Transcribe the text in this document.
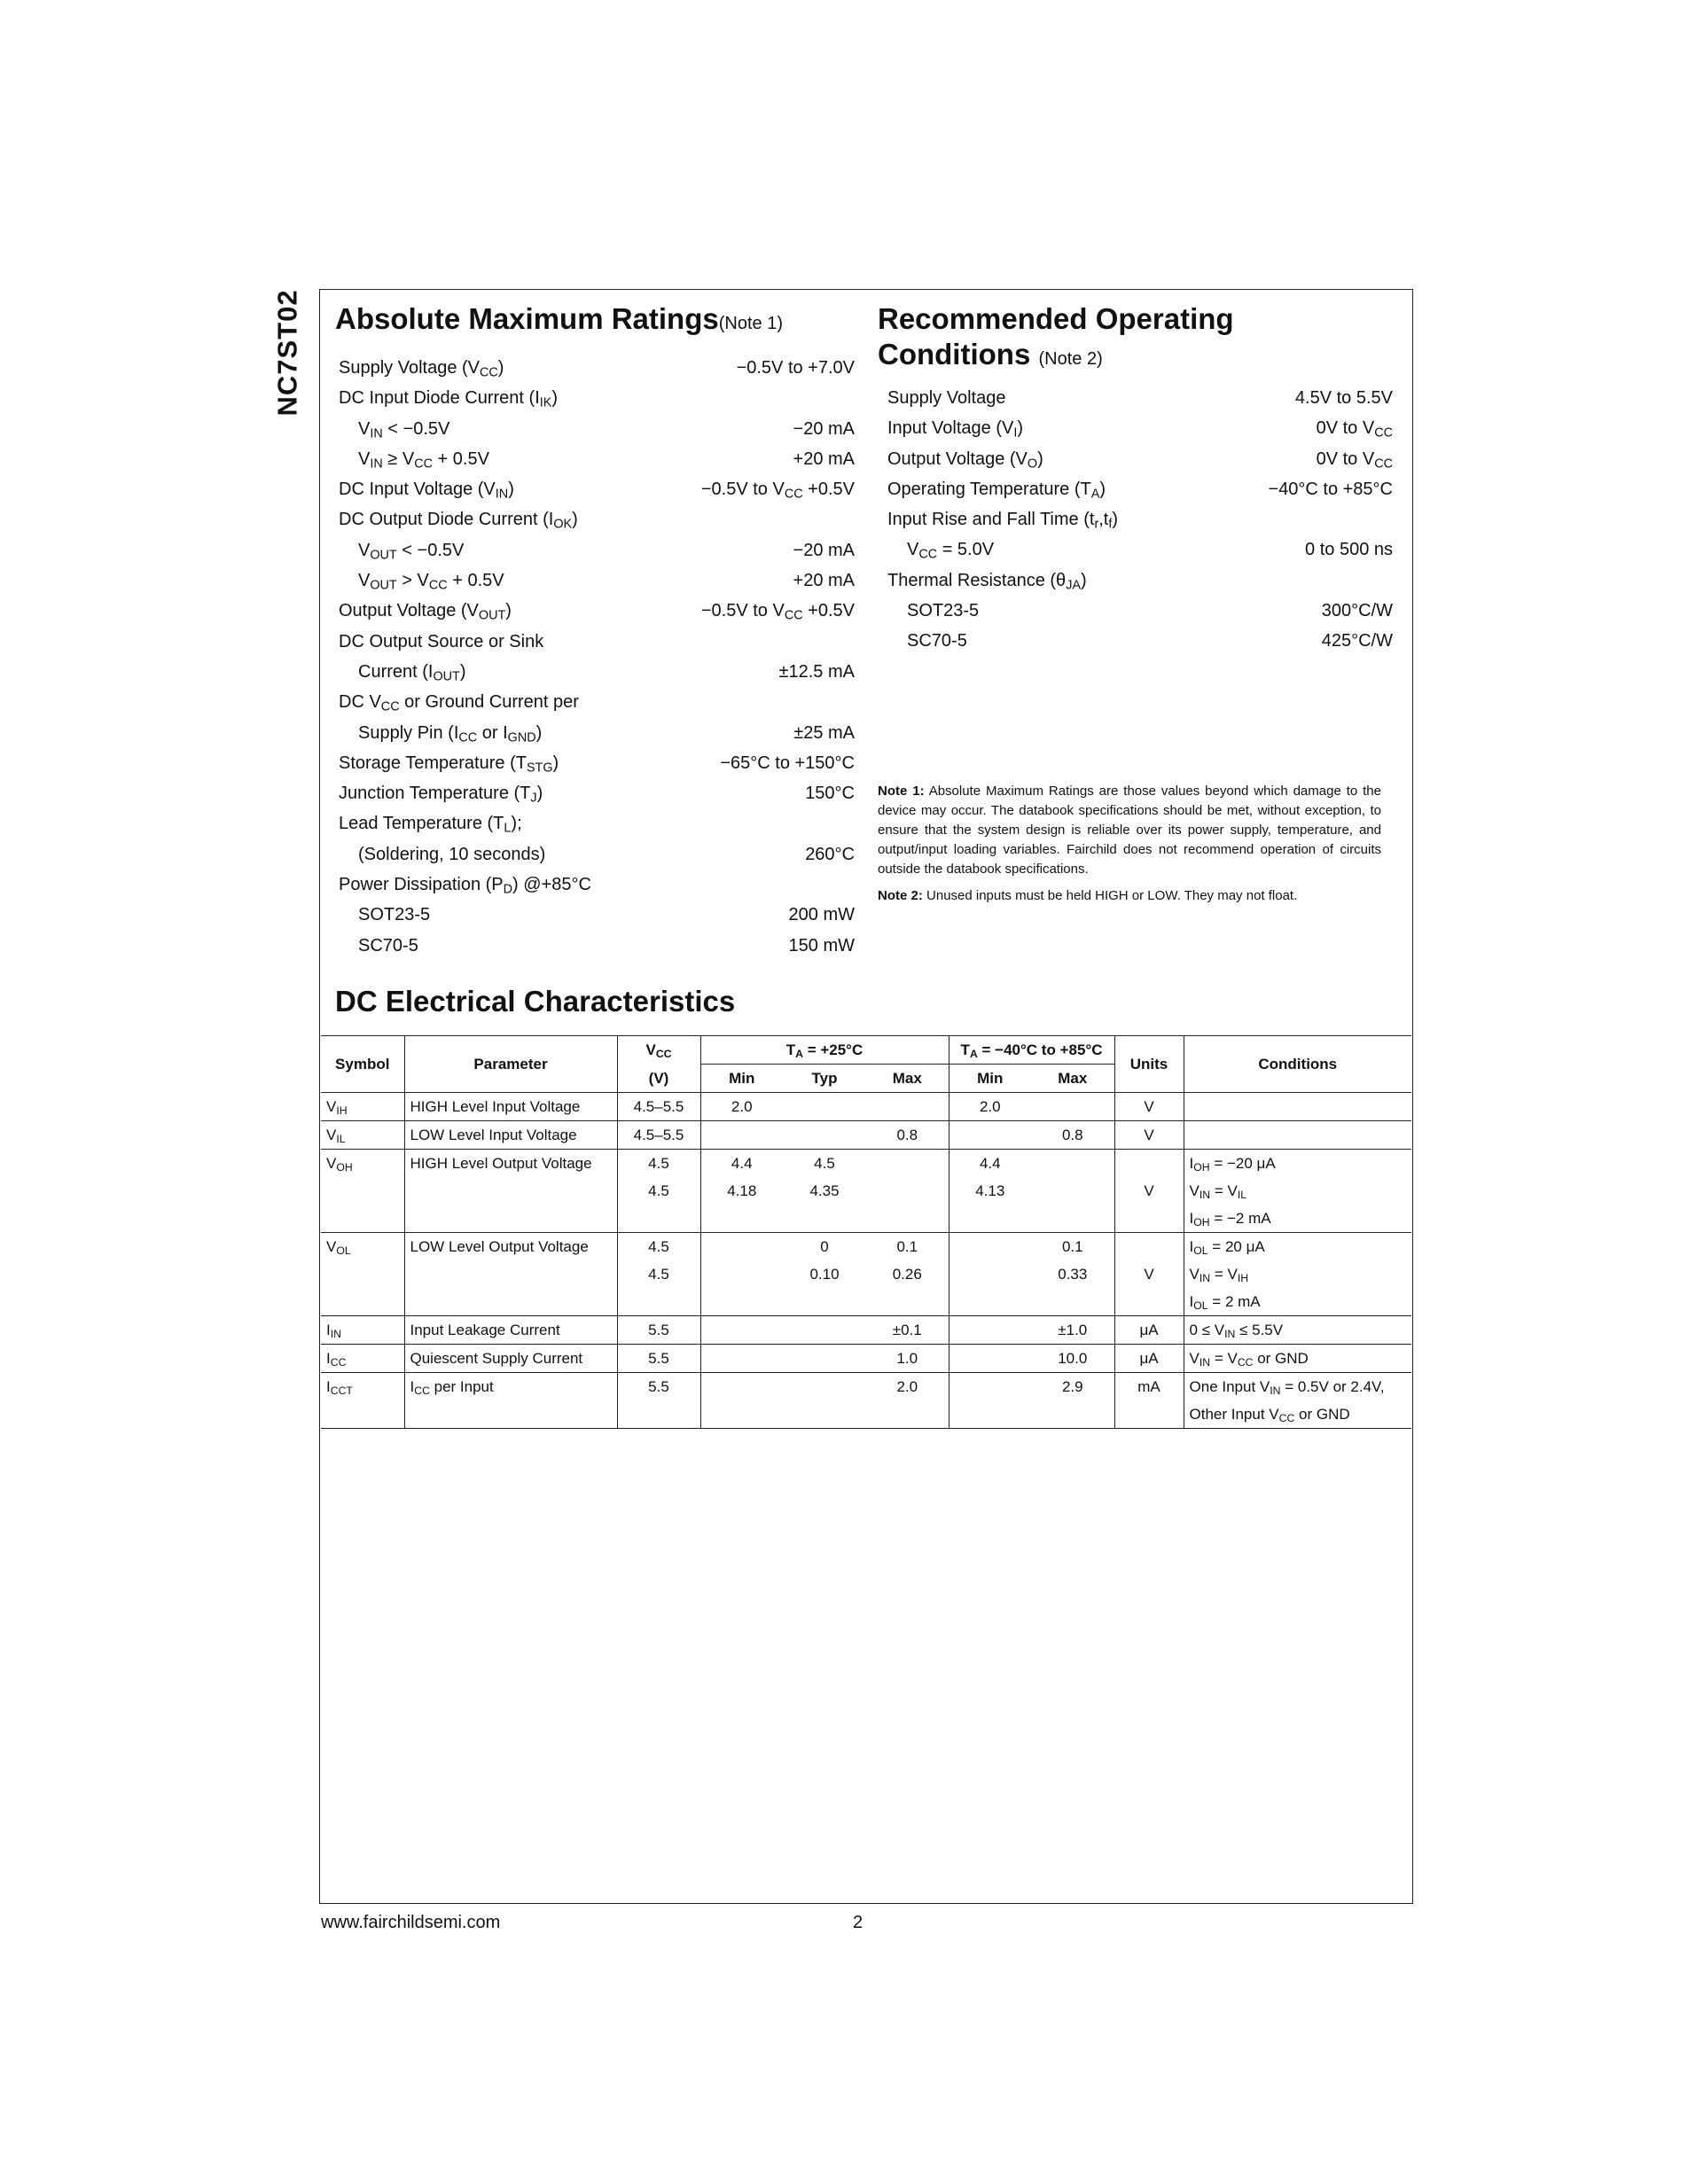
NC7ST02 Absolute Maximum Ratings(Note 1)
Supply Voltage $(V_{CC})$	−0.5V to +7.0V
DC Input Diode Current $(I_{IK})$
$V_{IN} < -0.5V$	−20 mA
$V_{IN} \ge V_{CC} + 0.5V$	+20 mA
DC Input Voltage $(V_{IN})$	−0.5V to $V_{CC} +0.5V$
DC Output Diode Current $(I_{OK})$
$V_{OUT} < -0.5V$	−20 mA
$V_{OUT} > V_{CC} + 0.5V$	+20 mA
Output Voltage $(V_{OUT})$	−0.5V to $V_{CC} +0.5V$
DC Output Source or Sink
Current $(I_{OUT})$	±12.5 mA
DC $V_{CC}$ or Ground Current per
Supply Pin ($I_{CC}$ or $I_{GND}$)	±25 mA
Storage Temperature $(T_{STG})$	−65°C to +150°C
Junction Temperature $(T_J)$	150°C
Lead Temperature $(T_L)$;
(Soldering, 10 seconds)	260°C
Power Dissipation $(P_D)$ @+85°C
SOT23-5	200 mW
SC70-5	150 mW
Recommended Operating
Conditions (Note 2)
Supply Voltage	4.5V to 5.5V
Input Voltage $(V_I)$	0V to $V_{CC}$
Output Voltage $(V_O)$	0V to $V_{CC}$
Operating Temperature $(T_A)$	−40°C to +85°C
Input Rise and Fall Time $(t_r,t_f)$
$V_{CC} = 5.0V$	0 to 500 ns
Thermal Resistance $(\theta_{JA})$
SOT23-5	300°C/W
SC70-5	425°C/W

Note 1: Absolute Maximum Ratings are those values beyond which damage to the device may occur. The databook specifications should be met, without exception, to ensure that the system design is reliable over its power supply, temperature, and output/input loading variables. Fairchild does not recommend operation of circuits outside the databook specifications.

Note 2: Unused inputs must be held HIGH or LOW. They may not float.

DC Electrical Characteristics
Symbol	Parameter	$V_{CC}$	$T_A = +25^\circ C$			$T_A = -40^\circ C$ to +85°C		Units	Conditions
		(V)	Min	Typ	Max	Min	Max		
$V_{IH}$	HIGH Level Input Voltage	4.5–5.5	2.0			2.0		V	
$V_{IL}$	LOW Level Input Voltage	4.5–5.5			0.8		0.8	V	
$V_{OH}$	HIGH Level Output Voltage	4.5	4.4	4.5		4.4			$I_{OH} = -20$ μA
		4.5	4.18	4.35		4.13		V	$V_{IN} = V_{IL}$
									$I_{OH} = -2$ mA
$V_{OL}$	LOW Level Output Voltage	4.5		0	0.1		0.1		$I_{OL} = 20$ μA
		4.5		0.10	0.26		0.33	V	$V_{IN} = V_{IH}$
									$I_{OL} = 2$ mA
$I_{IN}$	Input Leakage Current	5.5			±0.1		±1.0	μA	$0 \le V_{IN} \le 5.5V$
$I_{CC}$	Quiescent Supply Current	5.5			1.0		10.0	μA	$V_{IN} = V_{CC}$ or GND
$I_{CCT}$	$I_{CC}$ per Input	5.5			2.0		2.9	mA	One Input $V_{IN} = 0.5V$ or 2.4V,
									Other Input $V_{CC}$ or GND

www.fairchildsemi.com	2
